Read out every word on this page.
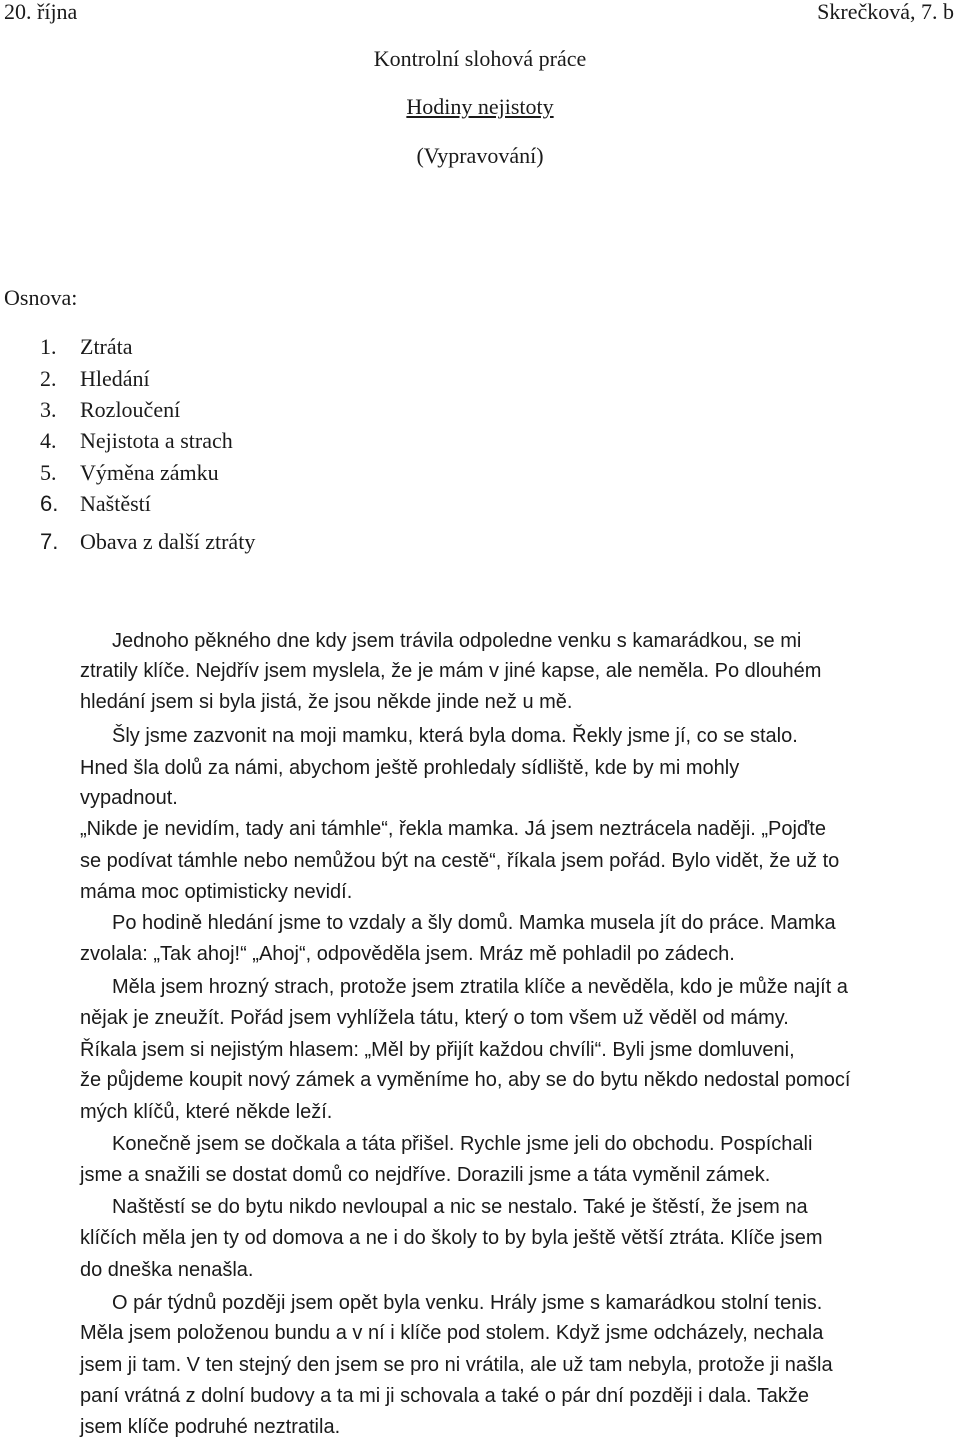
20. října	Skrečková, 7. b
Kontrolní slohová práce
Hodiny nejistoty
(Vypravování)
Osnova:
1. Ztráta
2. Hledání
3. Rozloučení
4. Nejistota a strach
5. Výměna zámku
6. Naštěstí
7. Obava z další ztráty
Jednoho pěkného dne kdy jsem trávila odpoledne venku s kamarádkou, se mi
ztratily klíče. Nejdřív jsem myslela, že je mám v jiné kapse, ale neměla. Po dlouhém
hledání jsem si byla jistá, že jsou někde jinde než u mě.
Šly jsme zazvonit na moji mamku, která byla doma. Řekly jsme jí, co se stalo.
Hned šla dolů za námi, abychom ještě prohledaly sídliště, kde by mi mohly
vypadnout.
„Nikde je nevidím, tady ani támhle“, řekla mamka. Já jsem neztrácela naději. „Pojďte
se podívat támhle nebo nemůžou být na cestě“, říkala jsem pořád. Bylo vidět, že už to
máma moc optimisticky nevidí.
Po hodině hledání jsme to vzdaly a šly domů. Mamka musela jít do práce. Mamka
zvolala: „Tak ahoj!“ „Ahoj“, odpověděla jsem. Mráz mě pohladil po zádech.
Měla jsem hrozný strach, protože jsem ztratila klíče a nevěděla, kdo je může najít a
nějak je zneužít. Pořád jsem vyhlížela tátu, který o tom všem už věděl od mámy.
Říkala jsem si nejistým hlasem: „Měl by přijít každou chvíli“. Byli jsme domluveni,
že půjdeme koupit nový zámek a vyměníme ho, aby se do bytu někdo nedostal pomocí
mých klíčů, které někde leží.
Konečně jsem se dočkala a táta přišel. Rychle jsme jeli do obchodu. Pospíchali
jsme a snažili se dostat domů co nejdříve. Dorazili jsme a táta vyměnil zámek.
Naštěstí se do bytu nikdo nevloupal a nic se nestalo. Také je štěstí, že jsem na
klíčích měla jen ty od domova a ne i do školy to by byla ještě větší ztráta. Klíče jsem
do dneška nenašla.
O pár týdnů později jsem opět byla venku. Hrály jsme s kamarádkou stolní tenis.
Měla jsem položenou bundu a v ní i klíče pod stolem. Když jsme odcházely, nechala
jsem ji tam. V ten stejný den jsem se pro ni vrátila, ale už tam nebyla, protože ji našla
paní vrátná z dolní budovy a ta mi ji schovala a také o pár dní později i dala. Takže
jsem klíče podruhé neztratila.
